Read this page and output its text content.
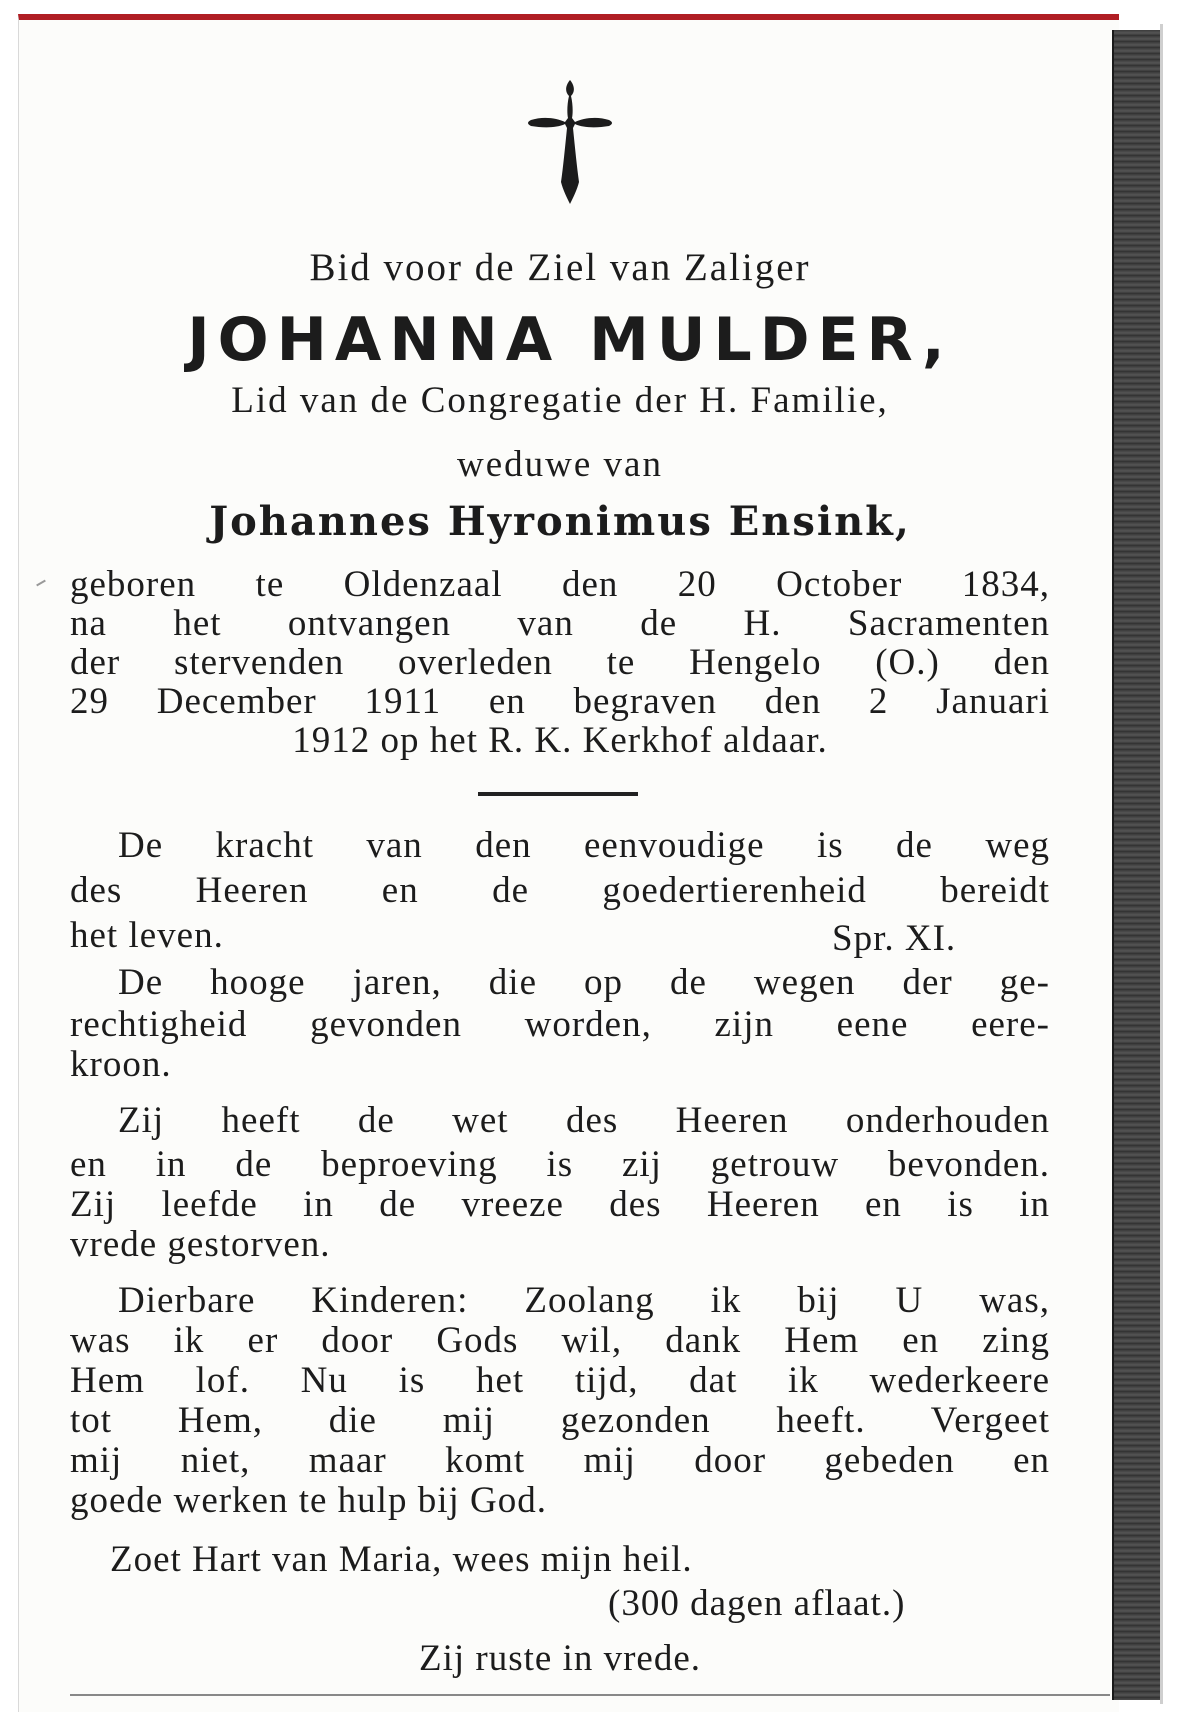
Bid voor de Ziel van Zaliger
JOHANNA MULDER,
Lid van de Congregatie der H. Familie,
weduwe van
Johannes Hyronimus Ensink,
geboren te Oldenzaal den 20 October 1834,
na het ontvangen van de H. Sacramenten
der stervenden overleden te Hengelo (O.) den
29 December 1911 en begraven den 2 Januari
1912 op het R. K. Kerkhof aldaar.
De kracht van den eenvoudige is de weg
des Heeren en de goedertierenheid bereidt
het leven.	Spr. XI.
De hooge jaren, die op de wegen der ge-
rechtigheid gevonden worden, zijn eene eere-
kroon.
Zij heeft de wet des Heeren onderhouden
en in de beproeving is zij getrouw bevonden.
Zij leefde in de vreeze des Heeren en is in
vrede gestorven.
Dierbare Kinderen: Zoolang ik bij U was,
was ik er door Gods wil, dank Hem en zing
Hem lof. Nu is het tijd, dat ik wederkeere
tot Hem, die mij gezonden heeft. Vergeet
mij niet, maar komt mij door gebeden en
goede werken te hulp bij God.
Zoet Hart van Maria, wees mijn heil.
(300 dagen aflaat.)
Zij ruste in vrede.
